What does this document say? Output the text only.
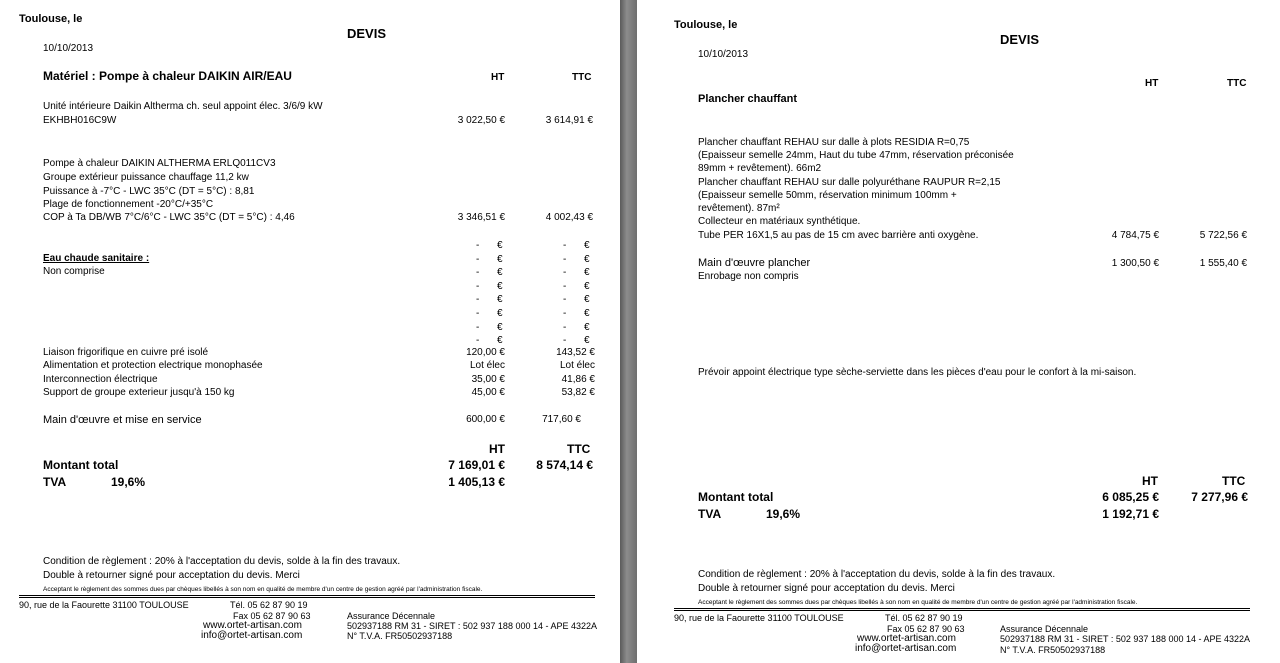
Toulouse, le
DEVIS
10/10/2013
Matériel : Pompe à chaleur DAIKIN AIR/EAU	HT	TTC
Unité intérieure Daikin Altherma ch. seul appoint élec. 3/6/9 kW
EKHBH016C9W	3 022,50 €	3 614,91 €
Pompe à chaleur DAIKIN ALTHERMA ERLQ011CV3
Groupe extérieur puissance chauffage 11,2 kw
Puissance à -7°C - LWC 35°C (DT = 5°C) : 8,81
Plage de fonctionnement -20°C/+35°C
COP à Ta DB/WB 7°C/6°C - LWC 35°C (DT = 5°C) : 4,46	3 346,51 €	4 002,43 €
Eau chaude sanitaire :
Non comprise
- €	- €
- €	- €
- €	- €
- €	- €
- €	- €
- €	- €
- €	- €
- €	- €
Liaison frigorifique en cuivre pré isolé	120,00 €	143,52 €
Alimentation et protection electrique monophasée	Lot élec	Lot élec
Interconnection électrique	35,00 €	41,86 €
Support de groupe exterieur jusqu'à 150 kg	45,00 €	53,82 €
Main d'œuvre et mise en service	600,00 €	717,60 €
HT	TTC
Montant total	7 169,01 €	8 574,14 €
TVA	19,6%	1 405,13 €
Condition de règlement : 20% à l'acceptation du devis, solde à la fin des travaux.
Double à retourner signé pour acceptation du devis. Merci
Acceptant le règlement des sommes dues par chèques libellés à son nom en qualité de membre d'un centre de gestion agréé par l'administration fiscale.
90, rue de la Faourette 31100 TOULOUSE	Tél. 05 62 87 90 19
Fax 05 62 87 90 63	Assurance Décennale
www.ortet-artisan.com	502937188 RM 31 - SIRET : 502 937 188 000 14 - APE 4322A
info@ortet-artisan.com	N° T.V.A. FR50502937188
Toulouse, le
10/10/2013
DEVIS
HT	TTC
Plancher chauffant
Plancher chauffant REHAU sur dalle à plots RESIDIA R=0,75
(Epaisseur semelle 24mm, Haut du tube 47mm, réservation préconisée
89mm + revêtement). 66m2
Plancher chauffant REHAU sur dalle polyuréthane RAUPUR R=2,15
(Epaisseur semelle 50mm, réservation minimum 100mm +
revêtement). 87m²
Collecteur en matériaux synthétique.
Tube PER 16X1,5 au pas de 15 cm avec barrière anti oxygène.	4 784,75 €	5 722,56 €
Main d'œuvre plancher	1 300,50 €	1 555,40 €
Enrobage non compris
Prévoir appoint électrique type sèche-serviette dans les pièces d'eau pour le confort à la mi-saison.
HT	TTC
Montant total	6 085,25 €	7 277,96 €
TVA	19,6%	1 192,71 €
Condition de règlement : 20% à l'acceptation du devis, solde à la fin des travaux.
Double à retourner signé pour acceptation du devis. Merci
Acceptant le règlement des sommes dues par chèques libellés à son nom en qualité de membre d'un centre de gestion agréé par l'administration fiscale.
90, rue de la Faourette 31100 TOULOUSE	Tél. 05 62 87 90 19
Fax 05 62 87 90 63	Assurance Décennale
www.ortet-artisan.com	502937188 RM 31 - SIRET : 502 937 188 000 14 - APE 4322A
info@ortet-artisan.com	N° T.V.A. FR50502937188
